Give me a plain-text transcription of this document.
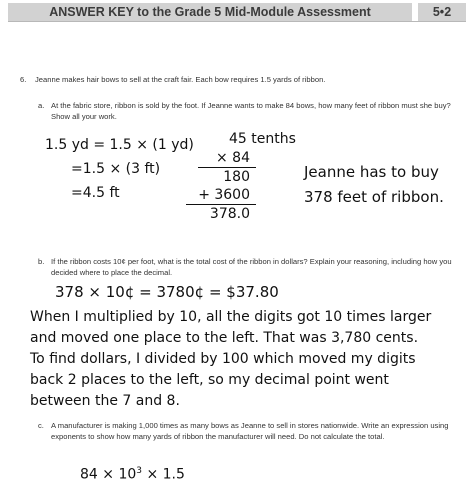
ANSWER KEY to the Grade 5 Mid-Module Assessment	5•2
6. Jeanne makes hair bows to sell at the craft fair. Each bow requires 1.5 yards of ribbon.
a. At the fabric store, ribbon is sold by the foot. If Jeanne wants to make 84 bows, how many feet of ribbon must she buy? Show all your work.
1.5 yd = 1.5 × (1 yd)
=1.5 × (3 ft)
=4.5 ft
45 tenths
× 84
180
+ 3600
378.0
Jeanne has to buy
378 feet of ribbon.
b. If the ribbon costs 10¢ per foot, what is the total cost of the ribbon in dollars? Explain your reasoning, including how you decided where to place the decimal.
378 × 10¢ = 3780¢ = $37.80
When I multiplied by 10, all the digits got 10 times larger
and moved one place to the left. That was 3,780 cents.
To find dollars, I divided by 100 which moved my digits
back 2 places to the left, so my decimal point went
between the 7 and 8.
c. A manufacturer is making 1,000 times as many bows as Jeanne to sell in stores nationwide. Write an expression using exponents to show how many yards of ribbon the manufacturer will need. Do not calculate the total.
$84 \times 10^3 \times 1.5$
